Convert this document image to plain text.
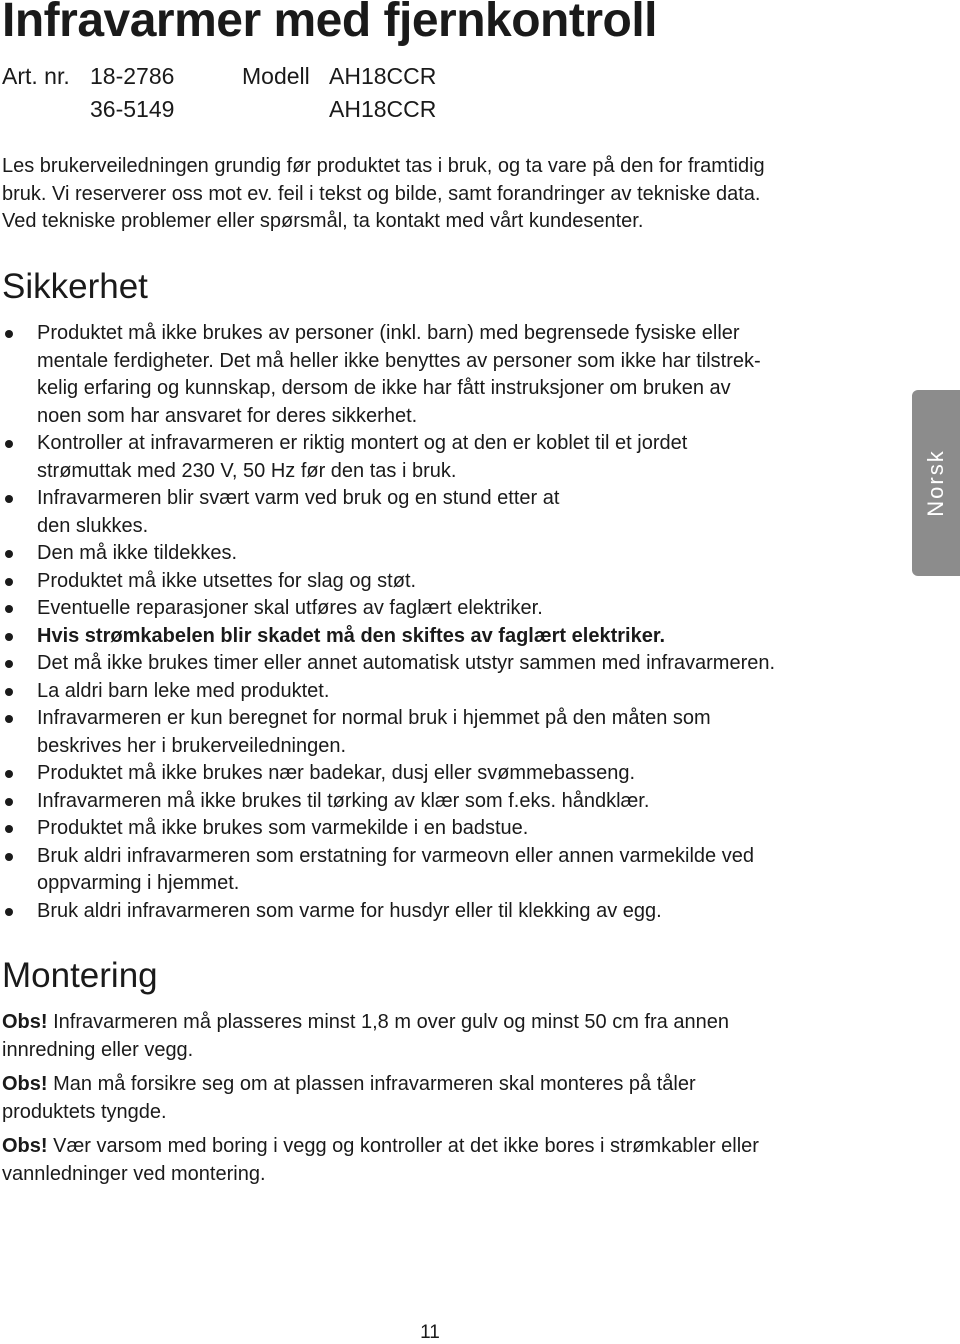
Infravarmer med fjernkontroll
Art. nr. 18-2786	Modell AH18CCR
36-5149	AH18CCR

Les brukerveiledningen grundig før produktet tas i bruk, og ta vare på den for framtidig
bruk. Vi reserverer oss mot ev. feil i tekst og bilde, samt forandringer av tekniske data.
Ved tekniske problemer eller spørsmål, ta kontakt med vårt kundesenter.

Sikkerhet
Produktet må ikke brukes av personer (inkl. barn) med begrensede fysiske eller
mentale ferdigheter. Det må heller ikke benyttes av personer som ikke har tilstrek-
kelig erfaring og kunnskap, dersom de ikke har fått instruksjoner om bruken av
noen som har ansvaret for deres sikkerhet.
Kontroller at infravarmeren er riktig montert og at den er koblet til et jordet
strømuttak med 230 V, 50 Hz før den tas i bruk.
Infravarmeren blir svært varm ved bruk og en stund etter at
den slukkes.
Den må ikke tildekkes.
Produktet må ikke utsettes for slag og støt.
Eventuelle reparasjoner skal utføres av faglært elektriker.
Hvis strømkabelen blir skadet må den skiftes av faglært elektriker.
Det må ikke brukes timer eller annet automatisk utstyr sammen med infravarmeren.
La aldri barn leke med produktet.
Infravarmeren er kun beregnet for normal bruk i hjemmet på den måten som
beskrives her i brukerveiledningen.
Produktet må ikke brukes nær badekar, dusj eller svømmebasseng.
Infravarmeren må ikke brukes til tørking av klær som f.eks. håndklær.
Produktet må ikke brukes som varmekilde i en badstue.
Bruk aldri infravarmeren som erstatning for varmeovn eller annen varmekilde ved
oppvarming i hjemmet.
Bruk aldri infravarmeren som varme for husdyr eller til klekking av egg.
Montering

Obs! Infravarmeren må plasseres minst 1,8 m over gulv og minst 50 cm fra annen
innredning eller vegg.

Obs! Man må forsikre seg om at plassen infravarmeren skal monteres på tåler
produktets tyngde.

Obs! Vær varsom med boring i vegg og kontroller at det ikke bores i strømkabler eller
vannledninger ved montering.

Norsk
11
